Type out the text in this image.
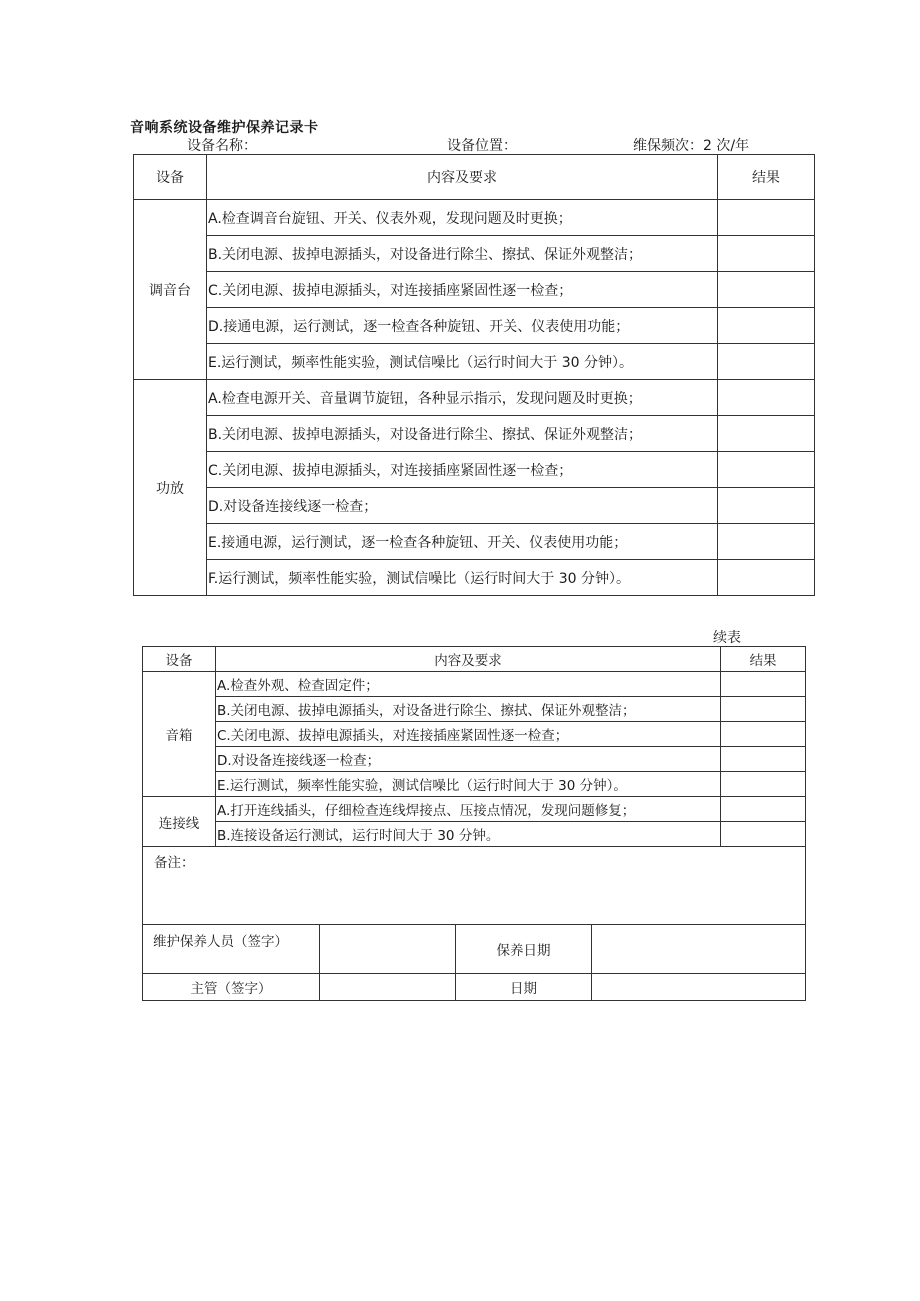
音响系统设备维护保养记录卡
设备名称：	设备位置：	维保频次：2 次/年
设备	内容及要求	结果
调音台	A.检查调音台旋钮、开关、仪表外观，发现问题及时更换；	
	B.关闭电源、拔掉电源插头，对设备进行除尘、擦拭、保证外观整洁；	
	C.关闭电源、拔掉电源插头，对连接插座紧固性逐一检查；	
	D.接通电源，运行测试，逐一检查各种旋钮、开关、仪表使用功能；	
	E.运行测试，频率性能实验，测试信噪比（运行时间大于 30 分钟）。	
功放	A.检查电源开关、音量调节旋钮，各种显示指示，发现问题及时更换；	
	B.关闭电源、拔掉电源插头，对设备进行除尘、擦拭、保证外观整洁；	
	C.关闭电源、拔掉电源插头，对连接插座紧固性逐一检查；	
	D.对设备连接线逐一检查；	
	E.接通电源，运行测试，逐一检查各种旋钮、开关、仪表使用功能；	
	F.运行测试，频率性能实验，测试信噪比（运行时间大于 30 分钟）。	
续表
设备	内容及要求				结果
音箱	A.检查外观、检查固定件；				
	B.关闭电源、拔掉电源插头，对设备进行除尘、擦拭、保证外观整洁；				
	C.关闭电源、拔掉电源插头，对连接插座紧固性逐一检查；				
	D.对设备连接线逐一检查；				
	E.运行测试，频率性能实验，测试信噪比（运行时间大于 30 分钟）。				
连接线	A.打开连线插头，仔细检查连线焊接点、压接点情况，发现问题修复；				
	B.连接设备运行测试，运行时间大于 30 分钟。				
备注：					
维护保养人员（签字）			保养日期		
主管（签字）			日期		
